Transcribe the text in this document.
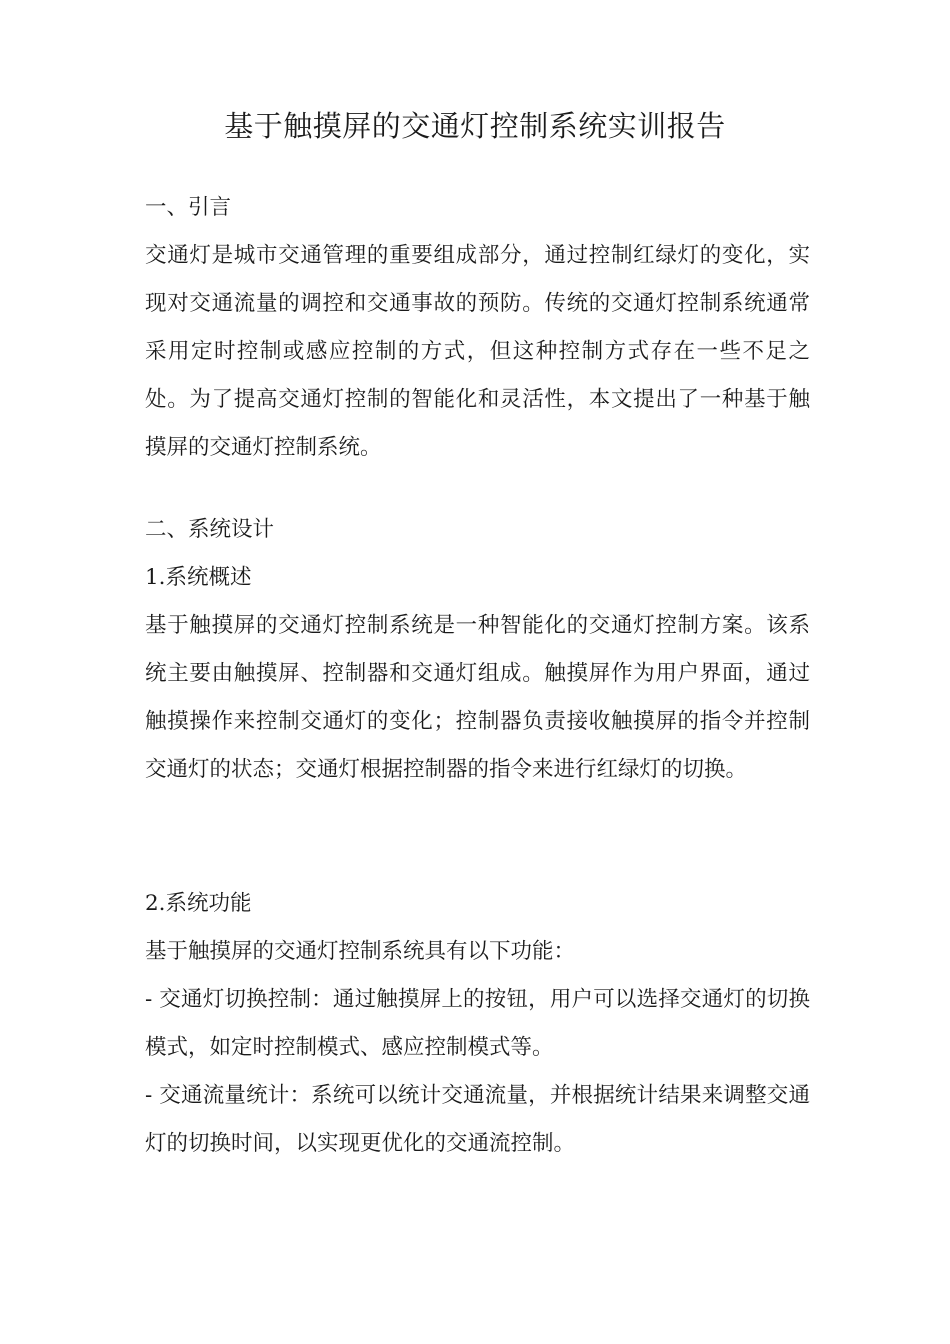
基于触摸屏的交通灯控制系统实训报告

一、引言

交通灯是城市交通管理的重要组成部分，通过控制红绿灯的变化，实现对交通流量的调控和交通事故的预防。传统的交通灯控制系统通常采用定时控制或感应控制的方式，但这种控制方式存在一些不足之处。为了提高交通灯控制的智能化和灵活性，本文提出了一种基于触摸屏的交通灯控制系统。

二、系统设计

1.系统概述

基于触摸屏的交通灯控制系统是一种智能化的交通灯控制方案。该系统主要由触摸屏、控制器和交通灯组成。触摸屏作为用户界面，通过触摸操作来控制交通灯的变化；控制器负责接收触摸屏的指令并控制交通灯的状态；交通灯根据控制器的指令来进行红绿灯的切换。

2.系统功能

基于触摸屏的交通灯控制系统具有以下功能：

- 交通灯切换控制：通过触摸屏上的按钮，用户可以选择交通灯的切换模式，如定时控制模式、感应控制模式等。

- 交通流量统计：系统可以统计交通流量，并根据统计结果来调整交通灯的切换时间，以实现更优化的交通流控制。
